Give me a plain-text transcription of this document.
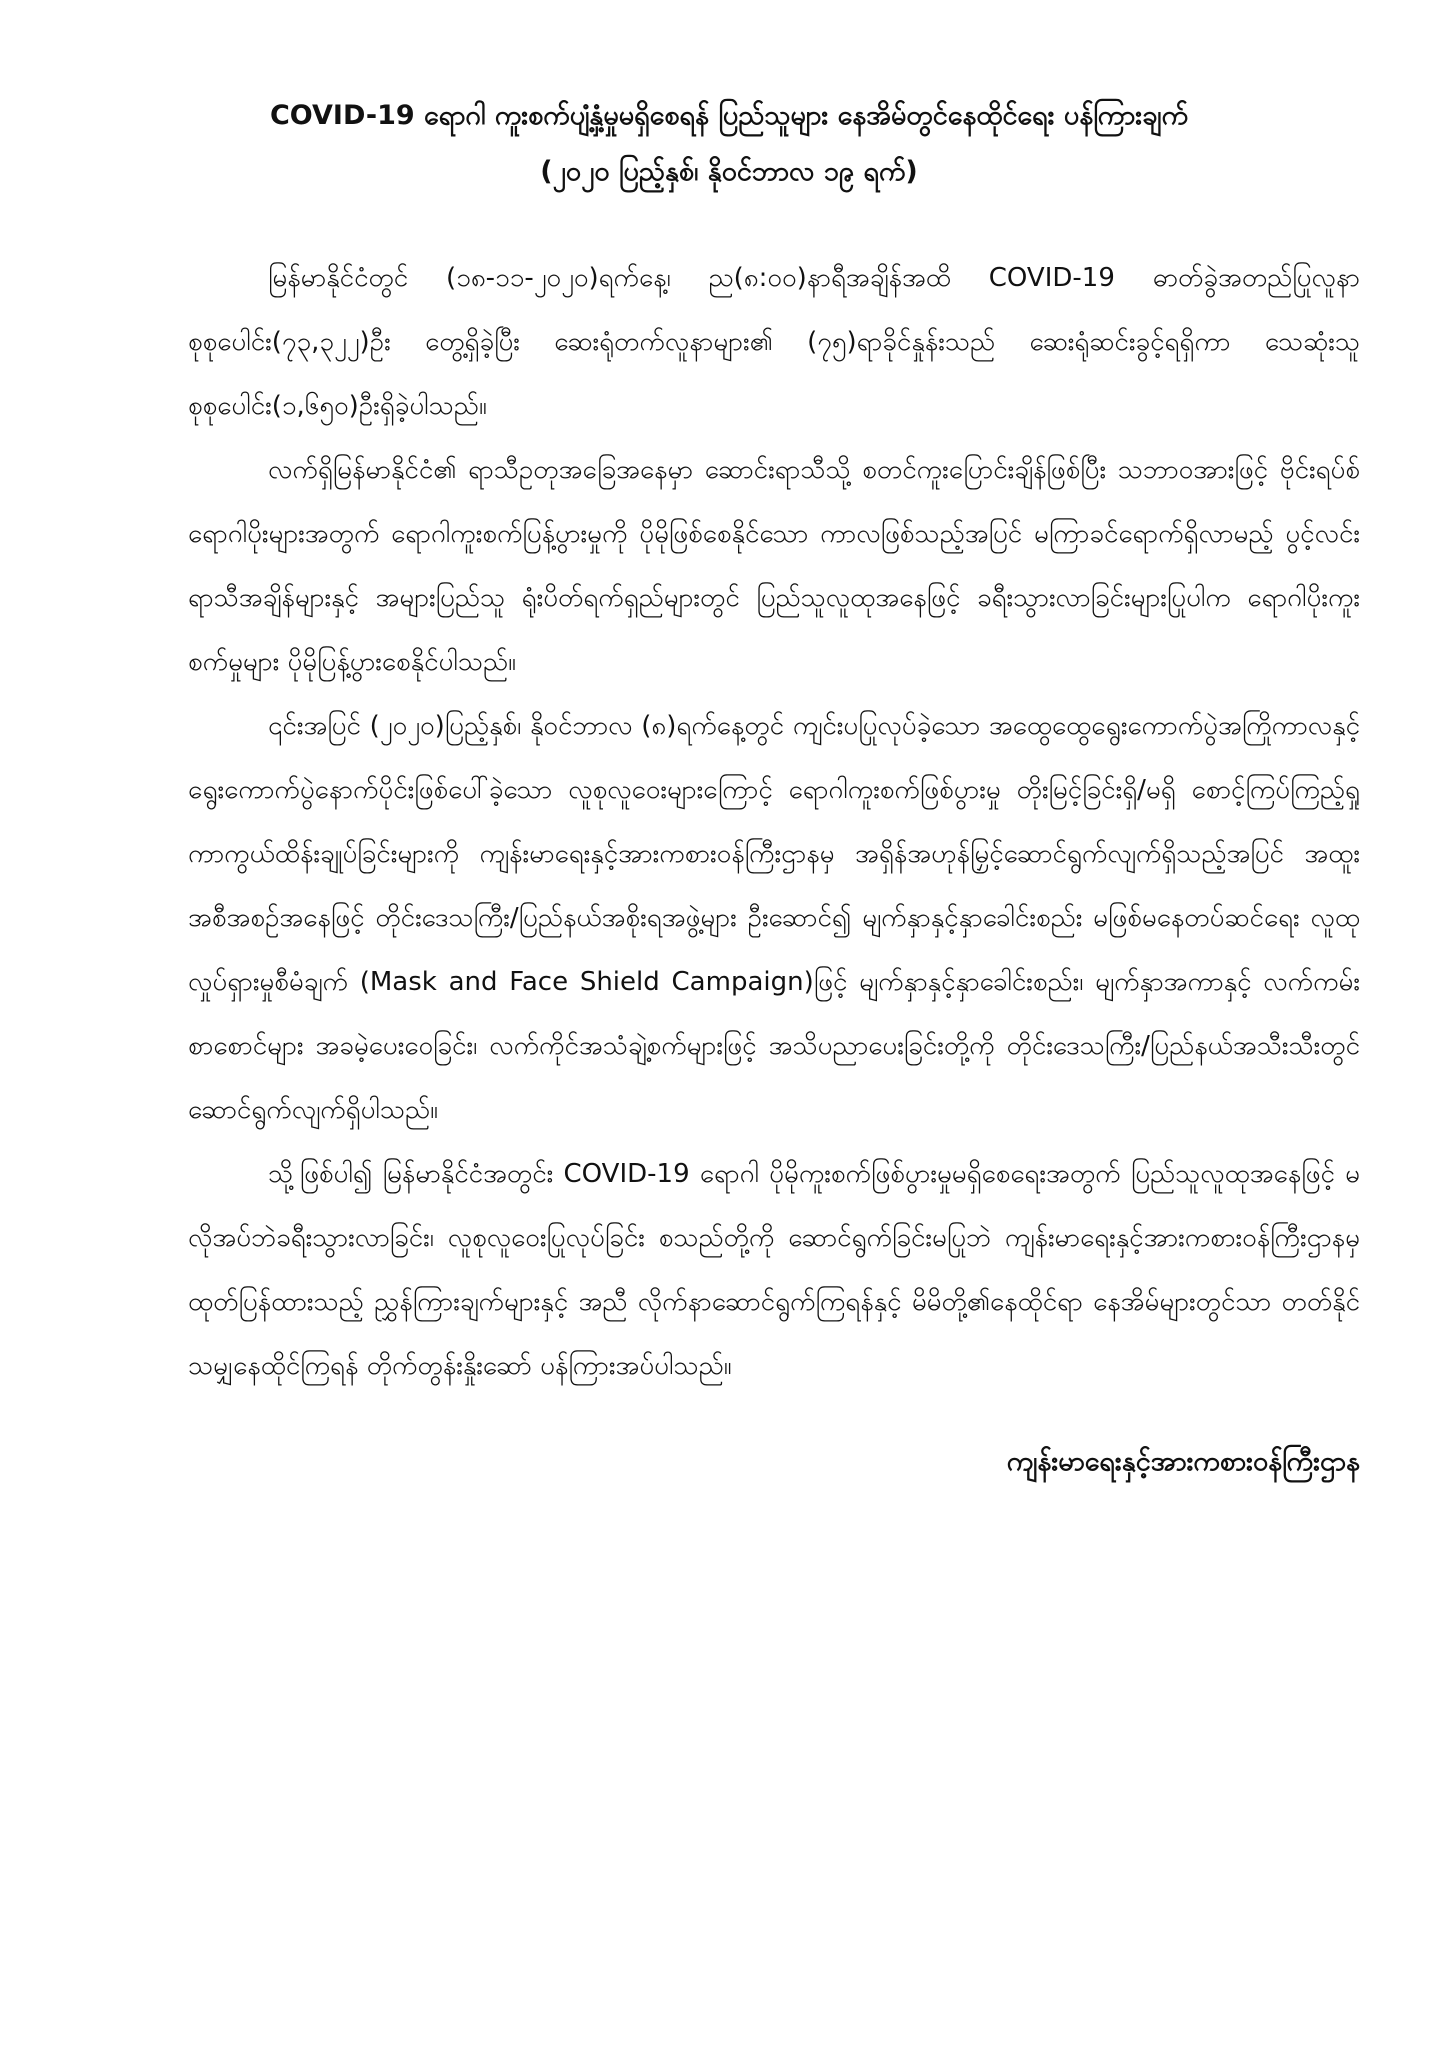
COVID-19 ရောဂါ ကူးစက်ပျံ့နှံ့မှုမရှိစေရန် ပြည်သူများ နေအိမ်တွင်နေထိုင်ရေး ပန်ကြားချက်
(၂၀၂၀ ပြည့်နှစ်၊ နိုဝင်ဘာလ ၁၉ ရက်)

မြန်မာနိုင်ငံတွင် (၁၈-၁၁-၂၀၂၀)ရက်နေ့၊ ည(၈:၀၀)နာရီအချိန်အထိ COVID-19 ဓာတ်ခွဲအတည်ပြုလူနာ စုစုပေါင်း(၇၃,၃၂၂)ဦး တွေ့ရှိခဲ့ပြီး ဆေးရုံတက်လူနာများ၏ (၇၅)ရာခိုင်နှုန်းသည် ဆေးရုံဆင်းခွင့်ရရှိကာ သေဆုံးသူစုစုပေါင်း(၁,၆၅၀)ဦးရှိခဲ့ပါသည်။

လက်ရှိမြန်မာနိုင်ငံ၏ ရာသီဥတုအခြေအနေမှာ ဆောင်းရာသီသို့ စတင်ကူးပြောင်းချိန်ဖြစ်ပြီး သဘာဝအားဖြင့် ဗိုင်းရပ်စ်ရောဂါပိုးများအတွက် ရောဂါကူးစက်ပြန့်ပွားမှုကို ပိုမိုဖြစ်စေနိုင်သော ကာလဖြစ်သည့်အပြင် မကြာခင်ရောက်ရှိလာမည့် ပွင့်လင်းရာသီအချိန်များနှင့် အများပြည်သူ ရုံးပိတ်ရက်ရှည်များတွင် ပြည်သူလူထုအနေဖြင့် ခရီးသွားလာခြင်းများပြုပါက ရောဂါပိုးကူးစက်မှုများ ပိုမိုပြန့်ပွားစေနိုင်ပါသည်။

၎င်းအပြင် (၂၀၂၀)ပြည့်နှစ်၊ နိုဝင်ဘာလ (၈)ရက်နေ့တွင် ကျင်းပပြုလုပ်ခဲ့သော အထွေထွေရွေးကောက်ပွဲအကြိုကာလနှင့် ရွေးကောက်ပွဲနောက်ပိုင်းဖြစ်ပေါ်ခဲ့သော လူစုလူဝေးများကြောင့် ရောဂါကူးစက်ဖြစ်ပွားမှု တိုးမြင့်ခြင်းရှိ/မရှိ စောင့်ကြပ်ကြည့်ရှု ကာကွယ်ထိန်းချုပ်ခြင်းများကို ကျန်းမာရေးနှင့်အားကစားဝန်ကြီးဌာနမှ အရှိန်အဟုန်မြှင့်ဆောင်ရွက်လျက်ရှိသည့်အပြင် အထူးအစီအစဉ်အနေဖြင့် တိုင်းဒေသကြီး/ပြည်နယ်အစိုးရအဖွဲ့များ ဦးဆောင်၍ မျက်နှာနှင့်နှာခေါင်းစည်း မဖြစ်မနေတပ်ဆင်ရေး လူထုလှုပ်ရှားမှုစီမံချက် (Mask and Face Shield Campaign)ဖြင့် မျက်နှာနှင့်နှာခေါင်းစည်း၊ မျက်နှာအကာနှင့် လက်ကမ်းစာစောင်များ အခမဲ့ပေးဝေခြင်း၊ လက်ကိုင်အသံချဲ့စက်များဖြင့် အသိပညာပေးခြင်းတို့ကို တိုင်းဒေသကြီး/ပြည်နယ်အသီးသီးတွင် ဆောင်ရွက်လျက်ရှိပါသည်။

သို့ဖြစ်ပါ၍ မြန်မာနိုင်ငံအတွင်း COVID-19 ရောဂါ ပိုမိုကူးစက်ဖြစ်ပွားမှုမရှိစေရေးအတွက် ပြည်သူလူထုအနေဖြင့် မလိုအပ်ဘဲခရီးသွားလာခြင်း၊ လူစုလူဝေးပြုလုပ်ခြင်း စသည်တို့ကို ဆောင်ရွက်ခြင်းမပြုဘဲ ကျန်းမာရေးနှင့်အားကစားဝန်ကြီးဌာနမှ ထုတ်ပြန်ထားသည့် ညွှန်ကြားချက်များနှင့် အညီ လိုက်နာဆောင်ရွက်ကြရန်နှင့် မိမိတို့၏နေထိုင်ရာ နေအိမ်များတွင်သာ တတ်နိုင်သမျှနေထိုင်ကြရန် တိုက်တွန်းနှိုးဆော် ပန်ကြားအပ်ပါသည်။

ကျန်းမာရေးနှင့်အားကစားဝန်ကြီးဌာန
